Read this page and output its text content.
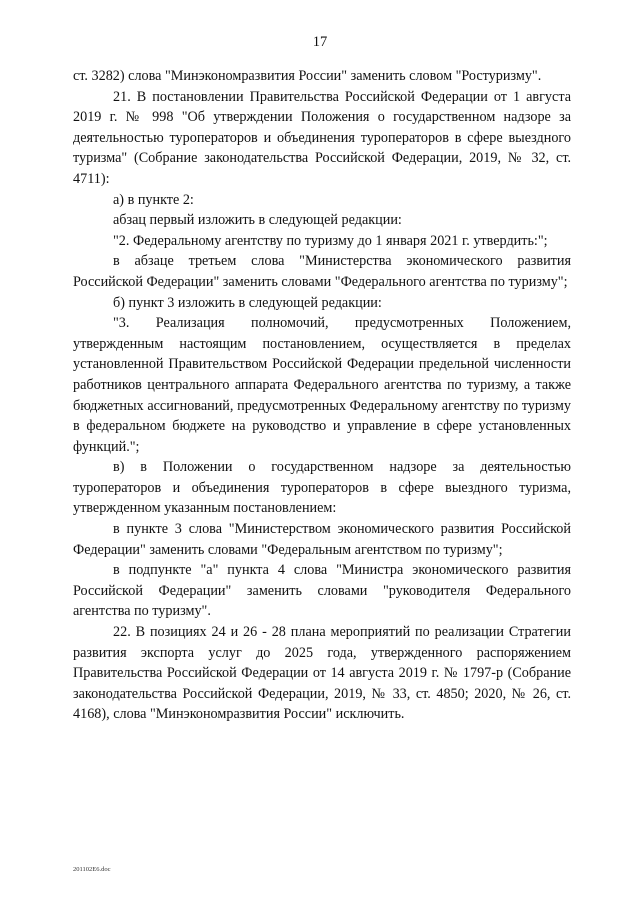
17

ст. 3282) слова "Минэкономразвития России" заменить словом "Ростуризму".

21. В постановлении Правительства Российской Федерации от 1 августа 2019 г. № 998 "Об утверждении Положения о государственном надзоре за деятельностью туроператоров и объединения туроператоров в сфере выездного туризма" (Собрание законодательства Российской Федерации, 2019, № 32, ст. 4711):

а) в пункте 2:

абзац первый изложить в следующей редакции:

"2. Федеральному агентству по туризму до 1 января 2021 г. утвердить:";

в абзаце третьем слова "Министерства экономического развития Российской Федерации" заменить словами "Федерального агентства по туризму";

б) пункт 3 изложить в следующей редакции:

"3. Реализация полномочий, предусмотренных Положением, утвержденным настоящим постановлением, осуществляется в пределах установленной Правительством Российской Федерации предельной численности работников центрального аппарата Федерального агентства по туризму, а также бюджетных ассигнований, предусмотренных Федеральному агентству по туризму в федеральном бюджете на руководство и управление в сфере установленных функций.";

в) в Положении о государственном надзоре за деятельностью туроператоров и объединения туроператоров в сфере выездного туризма, утвержденном указанным постановлением:

в пункте 3 слова "Министерством экономического развития Российской Федерации" заменить словами "Федеральным агентством по туризму";

в подпункте "а" пункта 4 слова "Министра экономического развития Российской Федерации" заменить словами "руководителя Федерального агентства по туризму".

22. В позициях 24 и 26 - 28 плана мероприятий по реализации Стратегии развития экспорта услуг до 2025 года, утвержденного распоряжением Правительства Российской Федерации от 14 августа 2019 г. № 1797-р (Собрание законодательства Российской Федерации, 2019, № 33, ст. 4850; 2020, № 26, ст. 4168), слова "Минэкономразвития России" исключить.

201102Е6.doc
